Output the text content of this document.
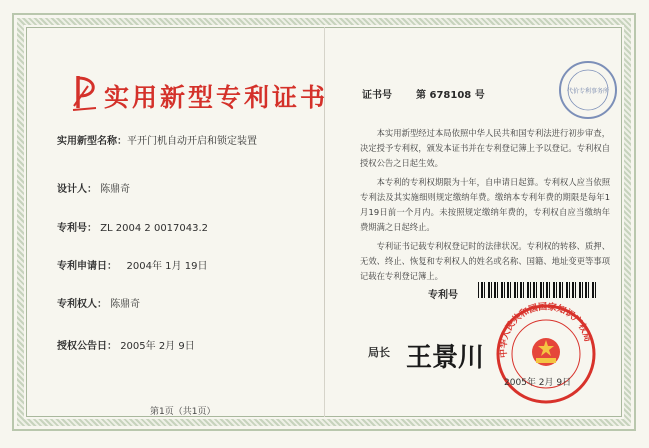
实用新型专利证书
实用新型名称：平开门机自动开启和锁定装置
设计人： 陈鼎奇
专利号： ZL 2004 2 0017043.2
专利申请日： 2004年 1月 19日
专利权人： 陈鼎奇
授权公告日： 2005年 2月 9日
第1页（共1页）
证书号 第 678108 号	代价专利事务所

本实用新型经过本局依照中华人民共和国专利法进行初步审查，决定授予专利权，颁发本证书并在专利登记簿上予以登记。专利权自授权公告之日起生效。

本专利的专利权期限为十年，自申请日起算。专利权人应当依照专利法及其实施细则规定缴纳年费。缴纳本专利年费的期限是每年1月19日前一个月内。未按照规定缴纳年费的，专利权自应当缴纳年费期满之日起终止。

专利证书记载专利权登记时的法律状况。专利权的转移、质押、无效、终止、恢复和专利权人的姓名或名称、国籍、地址变更等事项记载在专利登记簿上。

专利号
局长 王景川 中华人民共和国国家知识产权局
2005年 2月 9日
